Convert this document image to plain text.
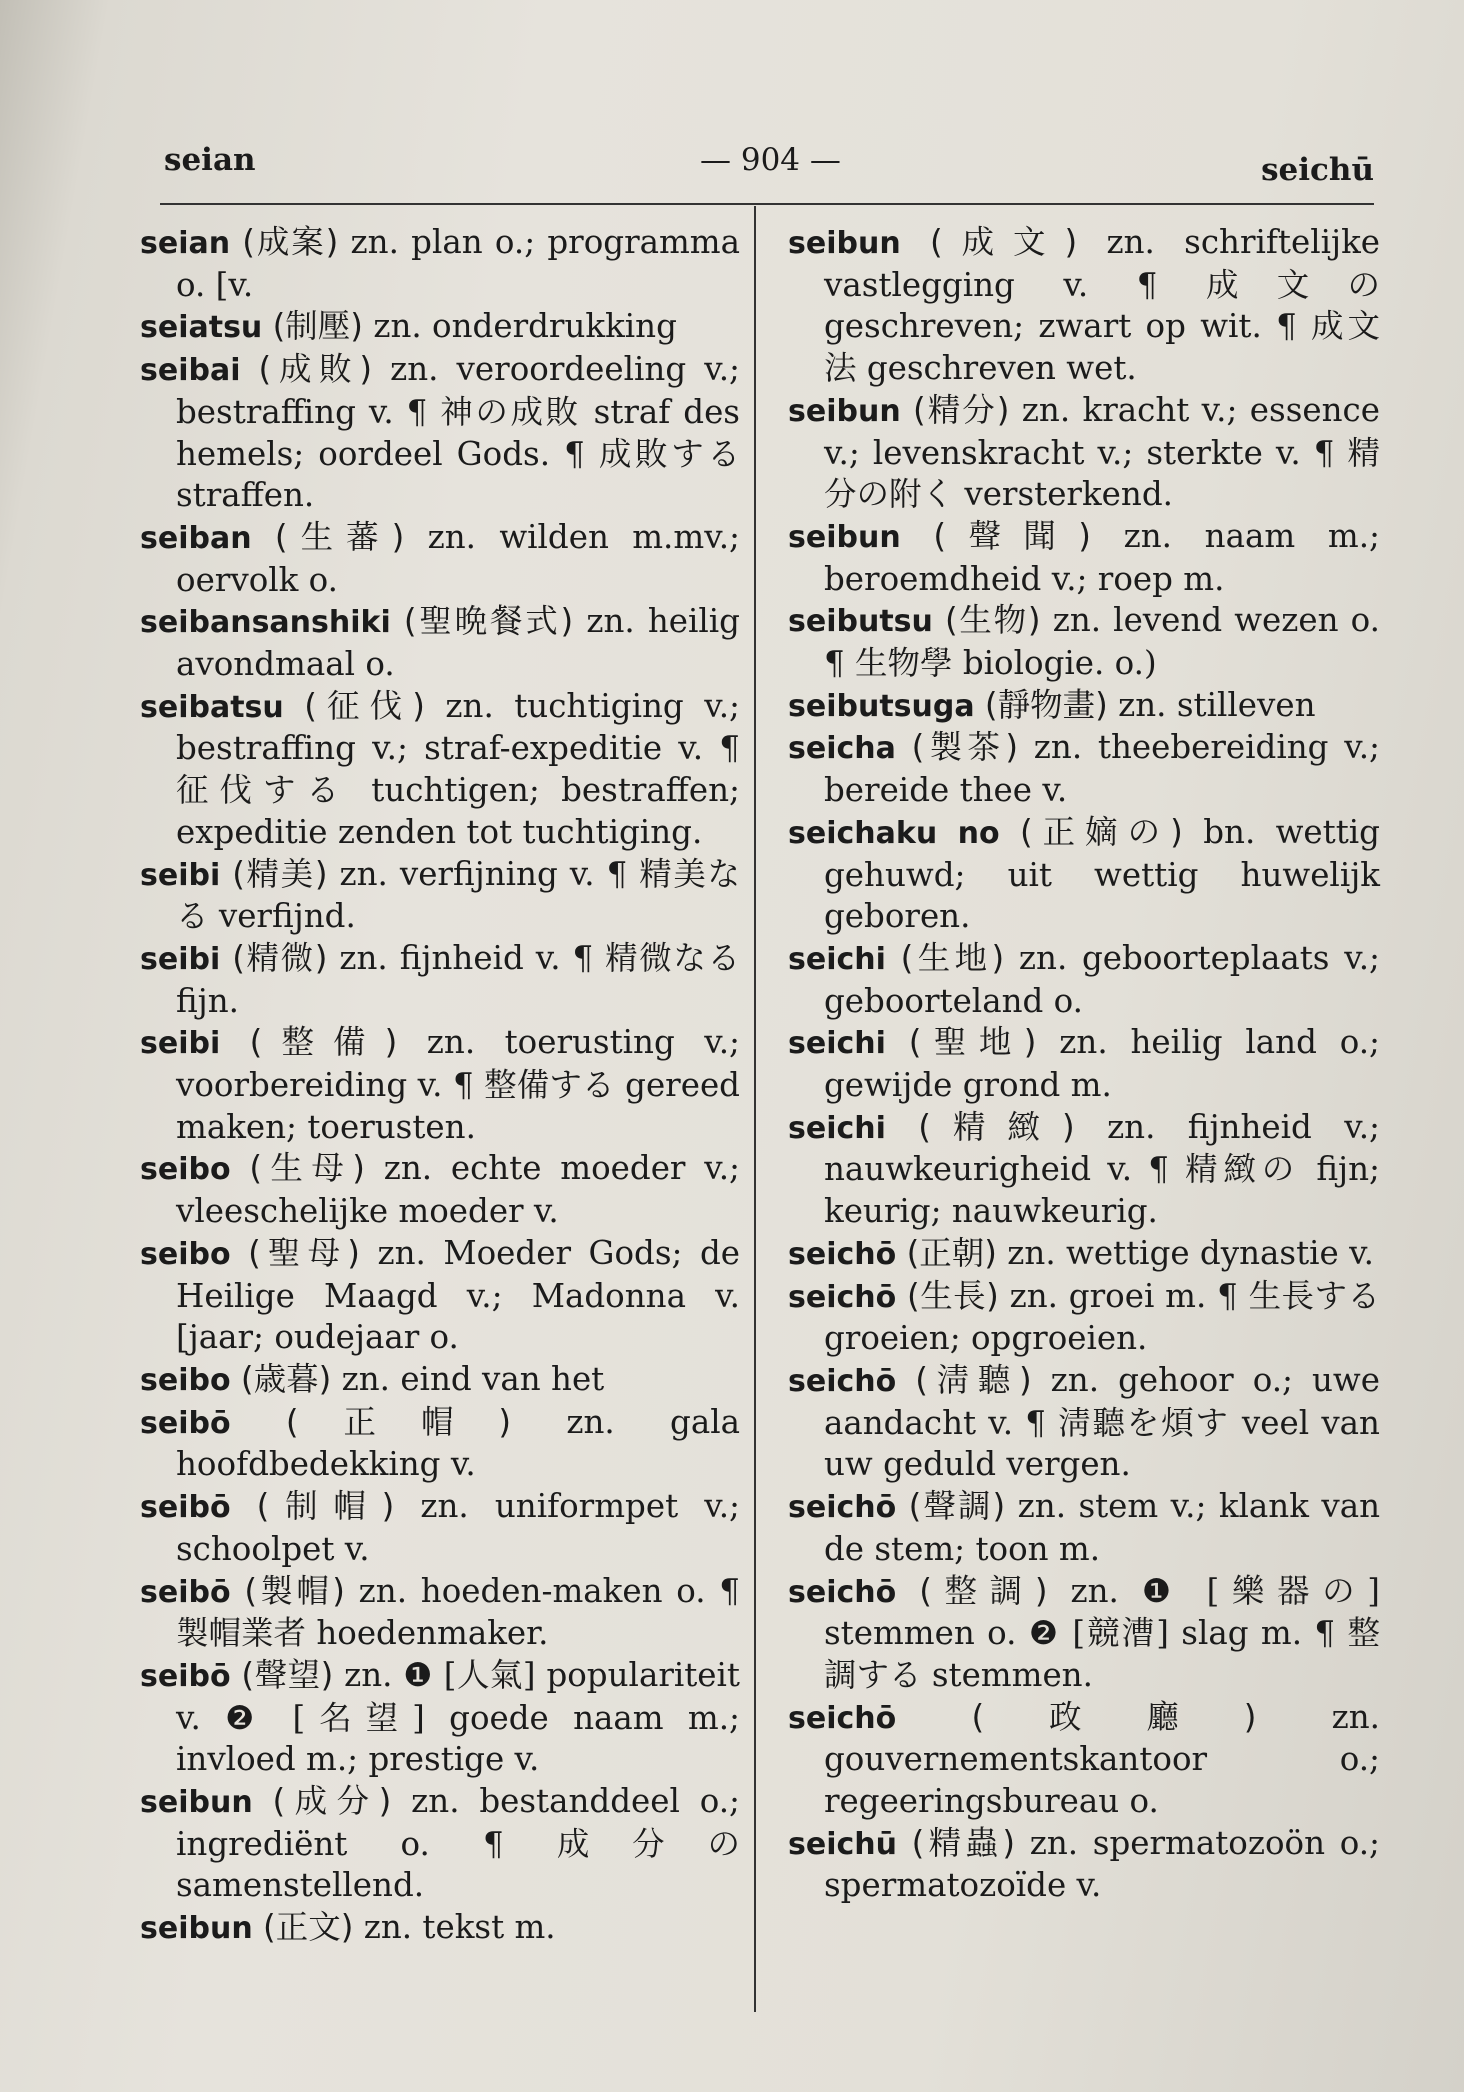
seian	— 904 —	seichū
seian (成案) zn. plan o.; programma o. [v.
seiatsu (制壓) zn. onderdrukking
seibai (成敗) zn. veroordeeling v.; bestraffing v. ¶ 神の成敗 straf des hemels; oordeel Gods. ¶ 成敗する straffen.
seiban (生蕃) zn. wilden m.mv.; oervolk o.
seibansanshiki (聖晩餐式) zn. heilig avondmaal o.
seibatsu (征伐) zn. tuchtiging v.; bestraffing v.; straf-expeditie v. ¶ 征伐する tuchtigen; bestraffen; expeditie zenden tot tuchtiging.
seibi (精美) zn. verfijning v. ¶ 精美なる verfijnd.
seibi (精微) zn. fijnheid v. ¶ 精微なる fijn.
seibi (整備) zn. toerusting v.; voorbereiding v. ¶ 整備する gereed maken; toerusten.
seibo (生母) zn. echte moeder v.; vleeschelijke moeder v.
seibo (聖母) zn. Moeder Gods; de Heilige Maagd v.; Madonna v. [jaar; oudejaar o.
seibo (歳暮) zn. eind van het
seibō (正帽) zn. gala hoofdbedekking v.
seibō (制帽) zn. uniformpet v.; schoolpet v.
seibō (製帽) zn. hoeden-maken o. ¶ 製帽業者 hoedenmaker.
seibō (聲望) zn. ❶ [人氣] populariteit v. ❷ [名望] goede naam m.; invloed m.; prestige v.
seibun (成分) zn. bestanddeel o.; ingrediënt o. ¶ 成分の samenstellend.
seibun (正文) zn. tekst m.
seibun (成文) zn. schriftelijke vastlegging v. ¶ 成文の geschreven; zwart op wit. ¶ 成文法 geschreven wet.
seibun (精分) zn. kracht v.; essence v.; levenskracht v.; sterkte v. ¶ 精分の附く versterkend.
seibun (聲聞) zn. naam m.; beroemdheid v.; roep m.
seibutsu (生物) zn. levend wezen o. ¶ 生物學 biologie. o.)
seibutsuga (靜物畫) zn. stilleven
seicha (製茶) zn. theebereiding v.; bereide thee v.
seichaku no (正嫡の) bn. wettig gehuwd; uit wettig huwelijk geboren.
seichi (生地) zn. geboorteplaats v.; geboorteland o.
seichi (聖地) zn. heilig land o.; gewijde grond m.
seichi (精緻) zn. fijnheid v.; nauwkeurigheid v. ¶ 精緻の fijn; keurig; nauwkeurig.
seichō (正朝) zn. wettige dynastie v.
seichō (生長) zn. groei m. ¶ 生長する groeien; opgroeien.
seichō (淸聽) zn. gehoor o.; uwe aandacht v. ¶ 淸聽を煩す veel van uw geduld vergen.
seichō (聲調) zn. stem v.; klank van de stem; toon m.
seichō (整調) zn. ❶ [樂器の] stemmen o. ❷ [競漕] slag m. ¶ 整調する stemmen.
seichō (政廳) zn. gouvernementskantoor o.; regeeringsbureau o.
seichū (精蟲) zn. spermatozoön o.; spermatozoïde v.
